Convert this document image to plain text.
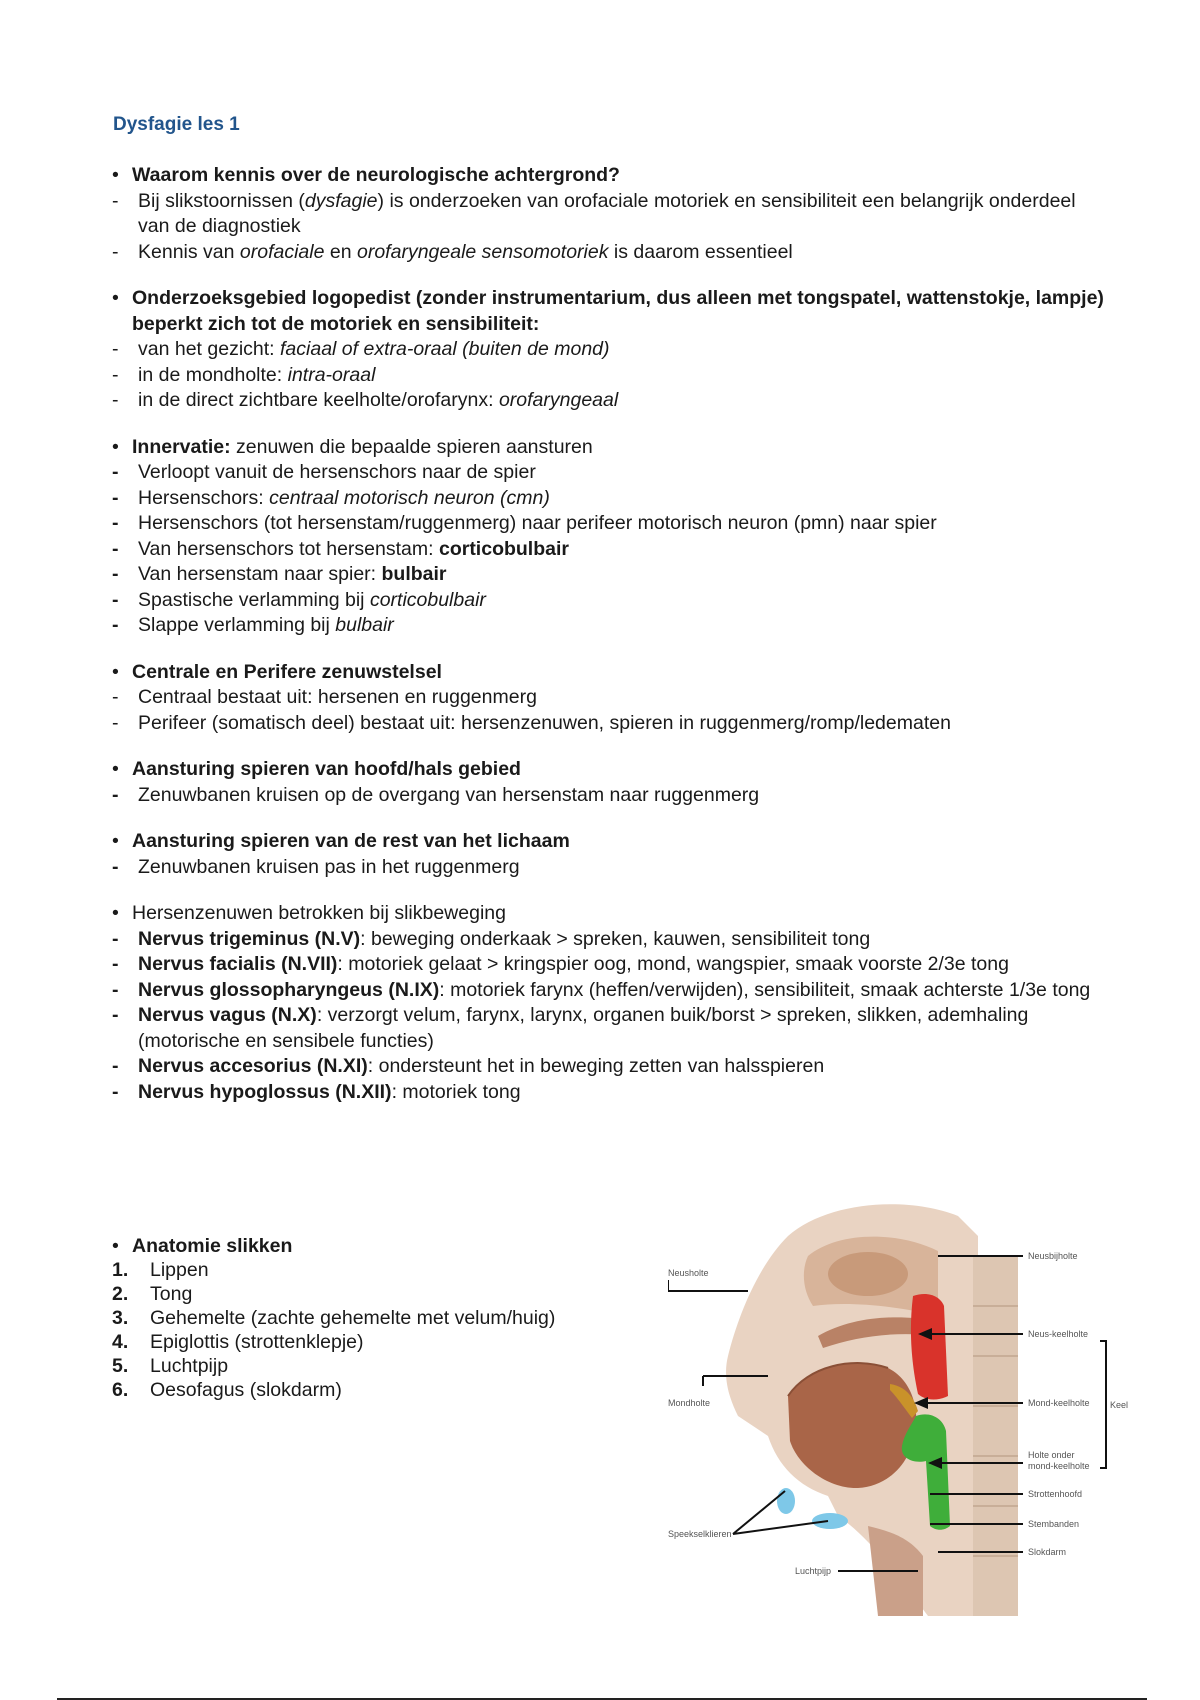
Dysfagie les 1
• Waarom kennis over de neurologische achtergrond?
-	Bij slikstoornissen (dysfagie) is onderzoeken van orofaciale motoriek en sensibiliteit een belangrijk onderdeel van de diagnostiek
-	Kennis van orofaciale en orofaryngeale sensomotoriek is daarom essentieel
• Onderzoeksgebied logopedist (zonder instrumentarium, dus alleen met tongspatel, wattenstokje, lampje) beperkt zich tot de motoriek en sensibiliteit:
-	van het gezicht: faciaal of extra-oraal (buiten de mond)
-	in de mondholte: intra-oraal
-	in de direct zichtbare keelholte/orofarynx: orofaryngeaal
• Innervatie: zenuwen die bepaalde spieren aansturen
-	Verloopt vanuit de hersenschors naar de spier
-	Hersenschors: centraal motorisch neuron (cmn)
-	Hersenschors (tot hersenstam/ruggenmerg) naar perifeer motorisch neuron (pmn) naar spier
-	Van hersenschors tot hersenstam: corticobulbair
-	Van hersenstam naar spier: bulbair
-	Spastische verlamming bij corticobulbair
-	Slappe verlamming bij bulbair
• Centrale en Perifere zenuwstelsel
-	Centraal bestaat uit: hersenen en ruggenmerg
-	Perifeer (somatisch deel) bestaat uit: hersenzenuwen, spieren in ruggenmerg/romp/ledematen
• Aansturing spieren van hoofd/hals gebied
-	Zenuwbanen kruisen op de overgang van hersenstam naar ruggenmerg
• Aansturing spieren van de rest van het lichaam
-	Zenuwbanen kruisen pas in het ruggenmerg
• Hersenzenuwen betrokken bij slikbeweging
-	Nervus trigeminus (N.V): beweging onderkaak > spreken, kauwen, sensibiliteit tong
-	Nervus facialis (N.VII): motoriek gelaat > kringspier oog, mond, wangspier, smaak voorste 2/3e tong
-	Nervus glossopharyngeus (N.IX): motoriek farynx (heffen/verwijden), sensibiliteit, smaak achterste 1/3e tong
-	Nervus vagus (N.X): verzorgt velum, farynx, larynx, organen buik/borst > spreken, slikken, ademhaling (motorische en sensibele functies)
-	Nervus accesorius (N.XI): ondersteunt het in beweging zetten van halsspieren
-	Nervus hypoglossus (N.XII): motoriek tong
• Anatomie slikken
1.	Lippen
2.	Tong
3.	Gehemelte (zachte gehemelte met velum/huig)
4.	Epiglottis (strottenklepje)
5.	Luchtpijp
6.	Oesofagus (slokdarm)
Neusholte
Neusbijholte
Neus-keelholte
Keel
Mondholte	Mond-keelholte
Holte onder
mond-keelholte
Strottenhoofd
Stembanden
Slokdarm
Speekselklieren
Luchtpijp
